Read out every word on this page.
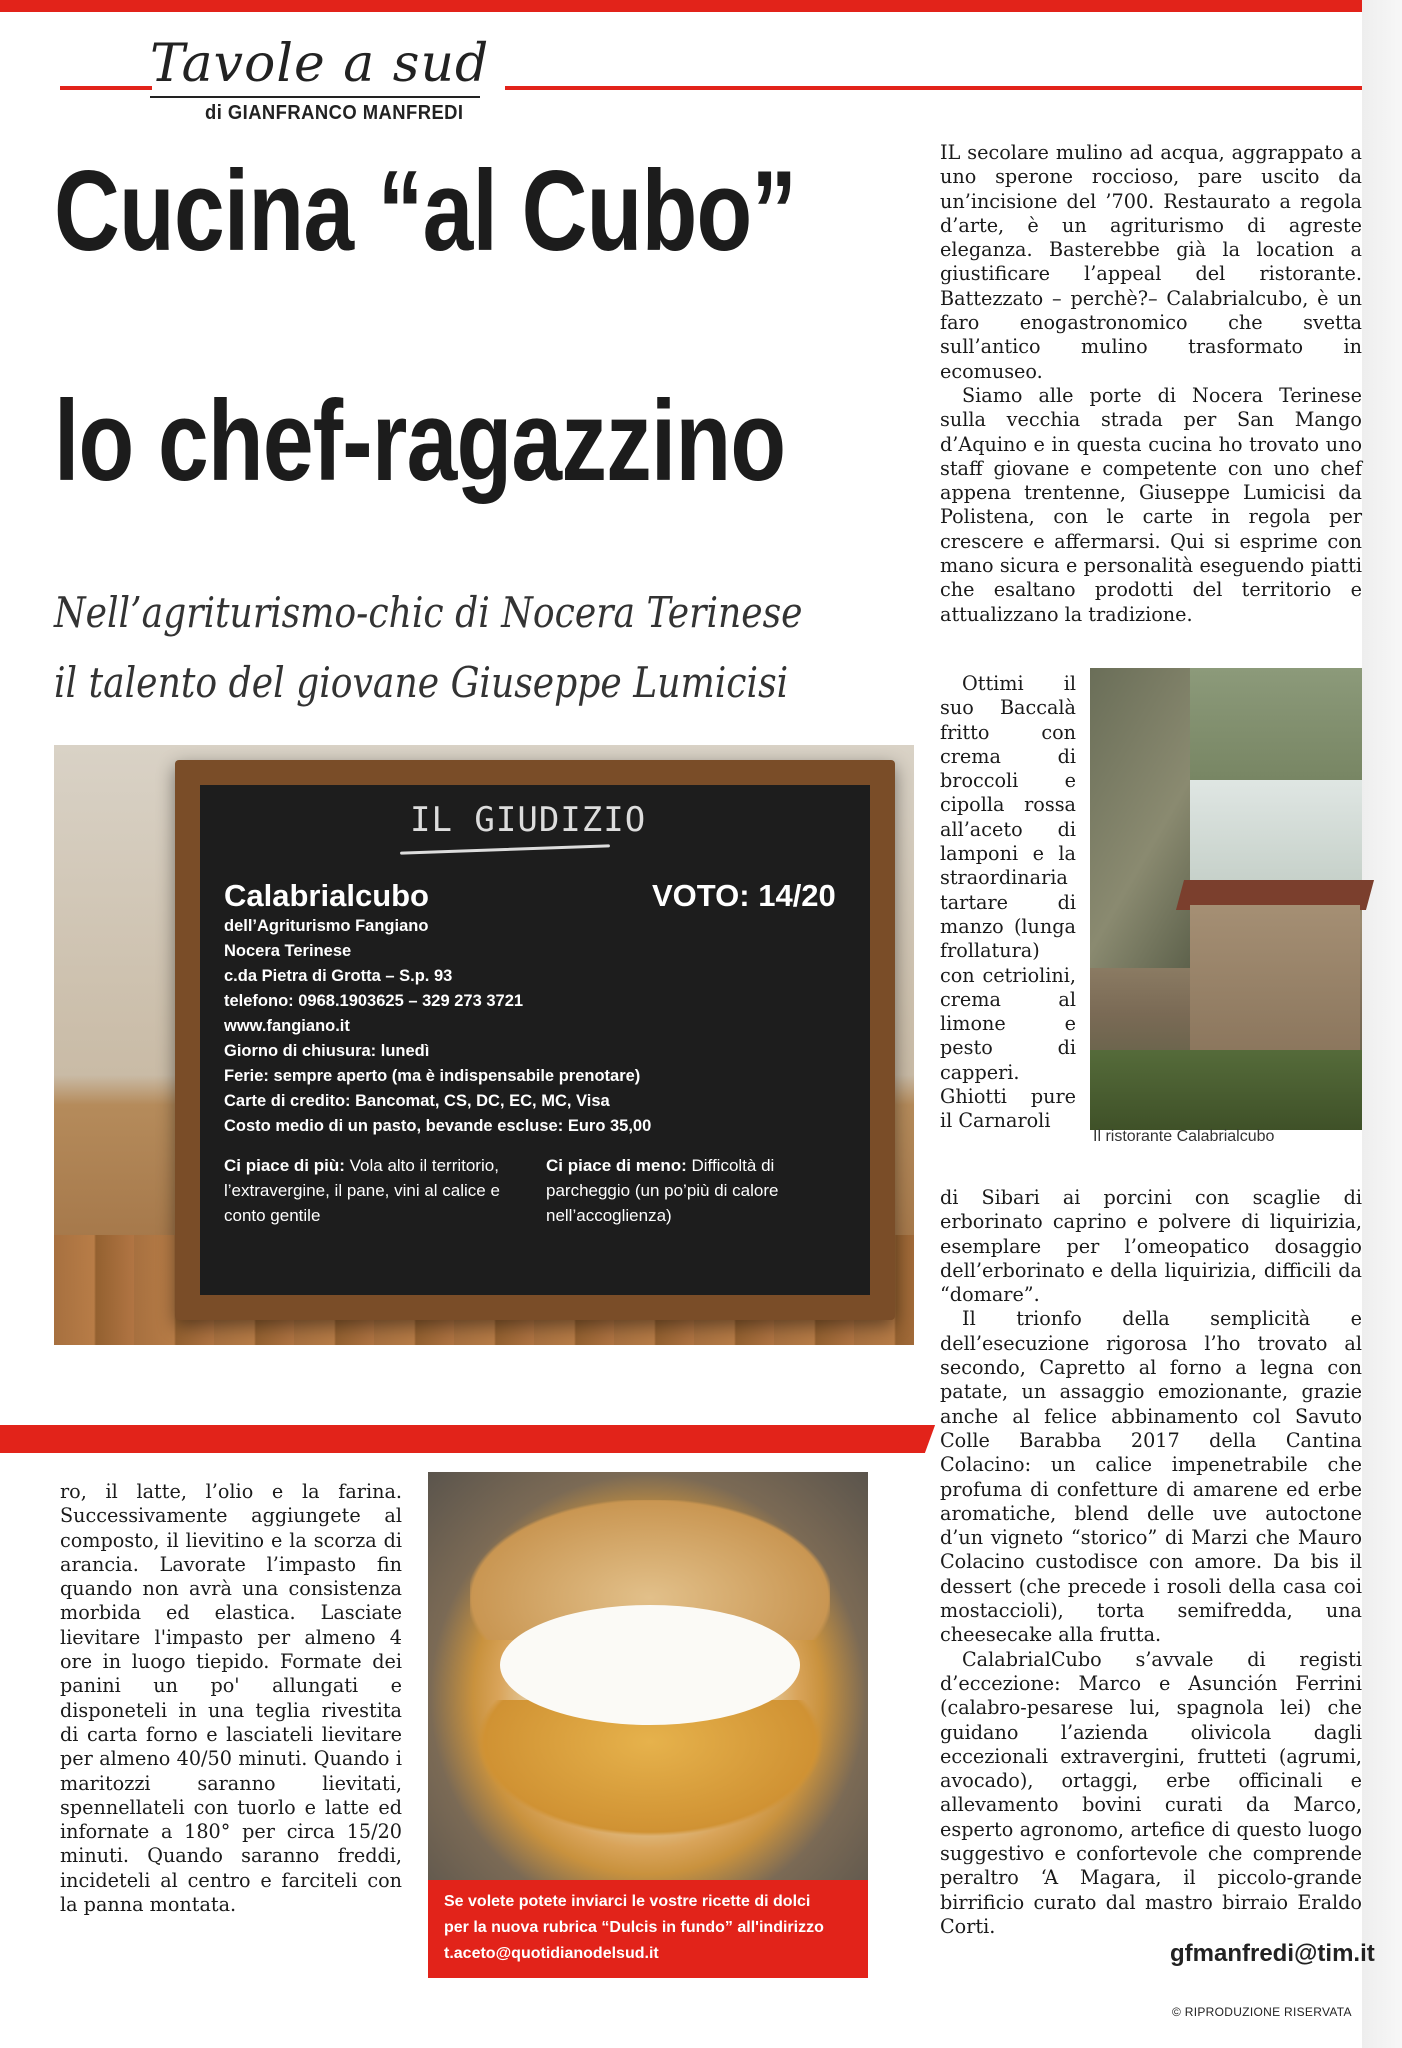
Tavole a sud
di GIANFRANCO MANFREDI
Cucina “al Cubo”
lo chef-ragazzino
Nell’agriturismo-chic di Nocera Terinese
il talento del giovane Giuseppe Lumicisi
IL GIUDIZIO
Calabrialcubo	VOTO: 14/20
dell’Agriturismo Fangiano
Nocera Terinese
c.da Pietra di Grotta – S.p. 93
telefono: 0968.1903625 – 329 273 3721
www.fangiano.it
Giorno di chiusura: lunedì
Ferie: sempre aperto (ma è indispensabile prenotare)
Carte di credito: Bancomat, CS, DC, EC, MC, Visa
Costo medio di un pasto, bevande escluse: Euro 35,00
Ci piace di più: Vola alto il territorio, l’extravergine, il pane, vini al calice e conto gentile
Ci piace di meno: Difficoltà di parcheggio (un po’più di calore nell’accoglienza)

IL secolare mulino ad acqua, aggrappato a uno sperone roccioso, pare uscito da un’incisione del ’700. Restaurato a regola d’arte, è un agriturismo di agreste eleganza. Basterebbe già la location a giustificare l’appeal del ristorante. Battezzato – perchè?– Calabrialcubo, è un faro enogastronomico che svetta sull’antico mulino trasformato in ecomuseo.

Siamo alle porte di Nocera Terinese sulla vecchia strada per San Mango d’Aquino e in questa cucina ho trovato uno staff giovane e competente con uno chef appena trentenne, Giuseppe Lumicisi da Polistena, con le carte in regola per crescere e affermarsi. Qui si esprime con mano sicura e personalità eseguendo piatti che esaltano prodotti del territorio e attualizzano la tradizione.

Ottimi il suo Baccalà fritto con crema di broccoli e cipolla rossa all’aceto di lamponi e la straordinaria tartare di manzo (lunga frollatura) con cetriolini, crema al limone e pesto di capperi. Ghiotti pure il Carnaroli

Il ristorante Calabrialcubo

di Sibari ai porcini con scaglie di erborinato caprino e polvere di liquirizia, esemplare per l’omeopatico dosaggio dell’erborinato e della liquirizia, difficili da “domare”.

Il trionfo della semplicità e dell’esecuzione rigorosa l’ho trovato al secondo, Capretto al forno a legna con patate, un assaggio emozionante, grazie anche al felice abbinamento col Savuto Colle Barabba 2017 della Cantina Colacino: un calice impenetrabile che profuma di confetture di amarene ed erbe aromatiche, blend delle uve autoctone d’un vigneto “storico” di Marzi che Mauro Colacino custodisce con amore. Da bis il dessert (che precede i rosoli della casa coi mostaccioli), torta semifredda, una cheesecake alla frutta.

CalabrialCubo s’avvale di registi d’eccezione: Marco e Asunción Ferrini (calabro-pesarese lui, spagnola lei) che guidano l’azienda olivicola dagli eccezionali extravergini, frutteti (agrumi, avocado), ortaggi, erbe officinali e allevamento bovini curati da Marco, esperto agronomo, artefice di questo luogo suggestivo e confortevole che comprende peraltro ‘A Magara, il piccolo-grande birrificio curato dal mastro birraio Eraldo Corti.

ro, il latte, l’olio e la farina. Successivamente aggiungete al composto, il lievitino e la scorza di arancia. Lavorate l’impasto fin quando non avrà una consistenza morbida ed elastica. Lasciate lievitare l'impasto per almeno 4 ore in luogo tiepido. Formate dei panini un po' allungati e disponeteli in una teglia rivestita di carta forno e lasciateli lievitare per almeno 40/50 minuti. Quando i maritozzi saranno lievitati, spennellateli con tuorlo e latte ed infornate a 180° per circa 15/20 minuti. Quando saranno freddi, incideteli al centro e farciteli con la panna montata.	Se volete potete inviarci le vostre ricette di dolci
per la nuova rubrica “Dulcis in fundo” all'indirizzo
t.aceto@quotidianodelsud.it	gfmanfredi@tim.it
© RIPRODUZIONE RISERVATA
